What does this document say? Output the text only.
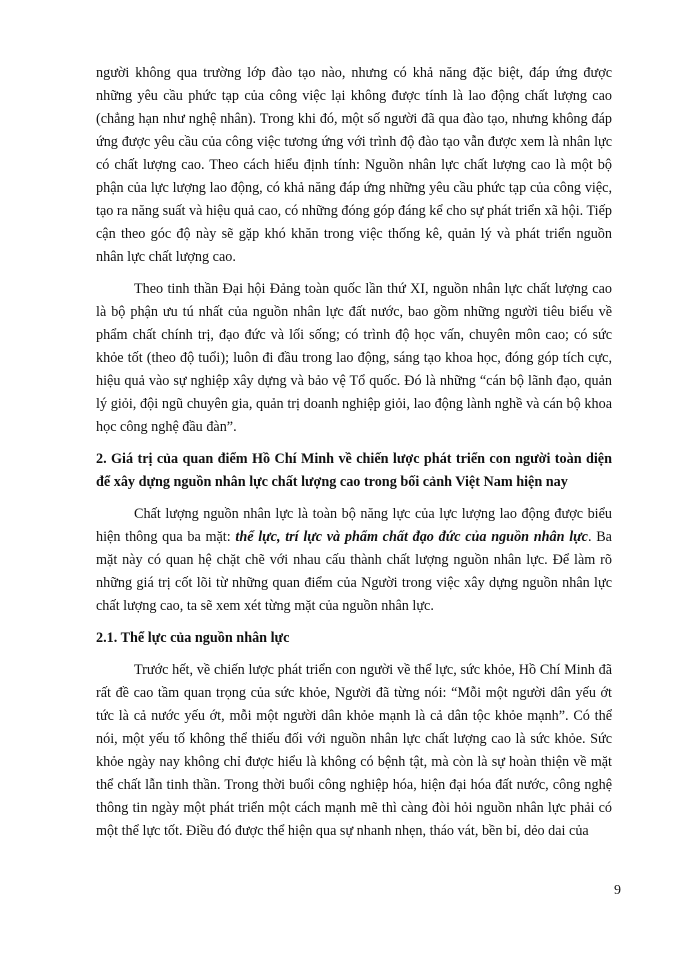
người không qua trường lớp đào tạo nào, nhưng có khả năng đặc biệt, đáp ứng được những yêu cầu phức tạp của công việc lại không được tính là lao động chất lượng cao (chẳng hạn như nghệ nhân). Trong khi đó, một số người đã qua đào tạo, nhưng không đáp ứng được yêu cầu của công việc tương ứng với trình độ đào tạo vẫn được xem là nhân lực có chất lượng cao. Theo cách hiểu định tính: Nguồn nhân lực chất lượng cao là một bộ phận của lực lượng lao động, có khả năng đáp ứng những yêu cầu phức tạp của công việc, tạo ra năng suất và hiệu quả cao, có những đóng góp đáng kể cho sự phát triển xã hội. Tiếp cận theo góc độ này sẽ gặp khó khăn trong việc thống kê, quản lý và phát triển nguồn nhân lực chất lượng cao.

Theo tinh thần Đại hội Đảng toàn quốc lần thứ XI, nguồn nhân lực chất lượng cao là bộ phận ưu tú nhất của nguồn nhân lực đất nước, bao gồm những người tiêu biểu về phẩm chất chính trị, đạo đức và lối sống; có trình độ học vấn, chuyên môn cao; có sức khỏe tốt (theo độ tuổi); luôn đi đầu trong lao động, sáng tạo khoa học, đóng góp tích cực, hiệu quả vào sự nghiệp xây dựng và bảo vệ Tổ quốc. Đó là những “cán bộ lãnh đạo, quản lý giỏi, đội ngũ chuyên gia, quản trị doanh nghiệp giỏi, lao động lành nghề và cán bộ khoa học công nghệ đầu đàn”.

2. Giá trị của quan điểm Hồ Chí Minh về chiến lược phát triển con người toàn diện để xây dựng nguồn nhân lực chất lượng cao trong bối cảnh Việt Nam hiện nay

Chất lượng nguồn nhân lực là toàn bộ năng lực của lực lượng lao động được biểu hiện thông qua ba mặt: thể lực, trí lực và phẩm chất đạo đức của nguồn nhân lực. Ba mặt này có quan hệ chặt chẽ với nhau cấu thành chất lượng nguồn nhân lực. Để làm rõ những giá trị cốt lõi từ những quan điểm của Người trong việc xây dựng nguồn nhân lực chất lượng cao, ta sẽ xem xét từng mặt của nguồn nhân lực.

2.1. Thể lực của nguồn nhân lực

Trước hết, về chiến lược phát triển con người về thể lực, sức khỏe, Hồ Chí Minh đã rất đề cao tầm quan trọng của sức khỏe, Người đã từng nói: “Mỗi một người dân yếu ớt tức là cả nước yếu ớt, mỗi một người dân khỏe mạnh là cả dân tộc khỏe mạnh”. Có thể nói, một yếu tố không thể thiếu đối với nguồn nhân lực chất lượng cao là sức khỏe. Sức khỏe ngày nay không chỉ được hiểu là không có bệnh tật, mà còn là sự hoàn thiện về mặt thể chất lẫn tinh thần. Trong thời buổi công nghiệp hóa, hiện đại hóa đất nước, công nghệ thông tin ngày một phát triển một cách mạnh mẽ thì càng đòi hỏi nguồn nhân lực phải có một thể lực tốt. Điều đó được thể hiện qua sự nhanh nhẹn, tháo vát, bền bỉ, dẻo dai của

9
